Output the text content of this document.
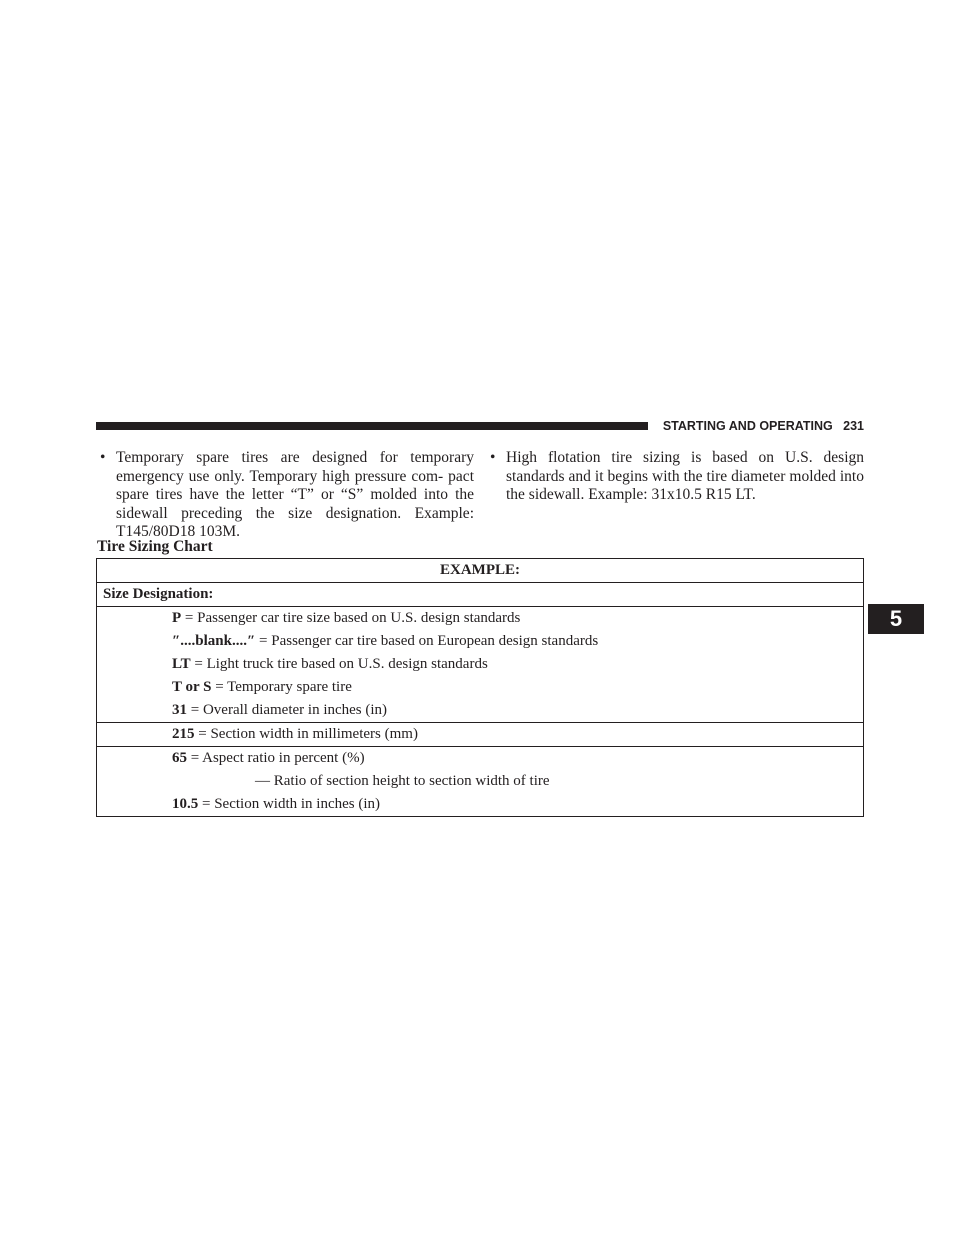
STARTING AND OPERATING 231
5
• Temporary spare tires are designed for temporary emergency use only. Temporary high pressure com- pact spare tires have the letter “T” or “S” molded into the sidewall preceding the size designation. Example: T145/80D18 103M.
• High flotation tire sizing is based on U.S. design standards and it begins with the tire diameter molded into the sidewall. Example: 31x10.5 R15 LT.
Tire Sizing Chart
EXAMPLE:
Size Designation:
P = Passenger car tire size based on U.S. design standards
″....blank....″ = Passenger car tire based on European design standards
LT = Light truck tire based on U.S. design standards
T or S = Temporary spare tire
31 = Overall diameter in inches (in)
215 = Section width in millimeters (mm)
65 = Aspect ratio in percent (%)
— Ratio of section height to section width of tire
10.5 = Section width in inches (in)
